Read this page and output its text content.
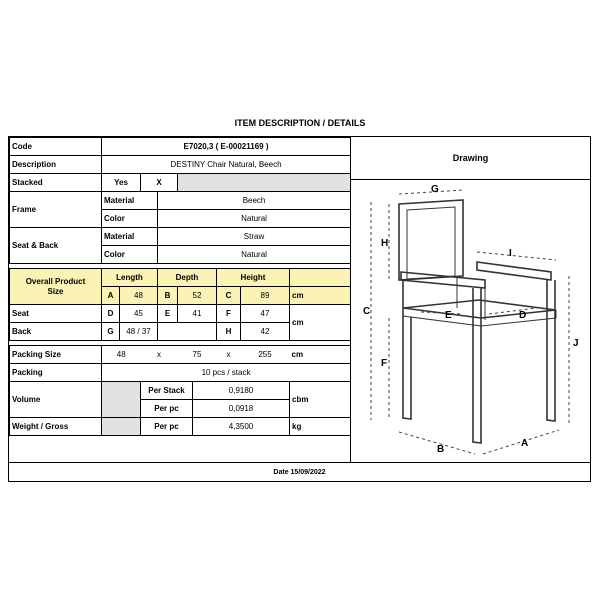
ITEM DESCRIPTION / DETAILS
Code	E7020,3 ( E-00021169 )								
Description	DESTINY Chair Natural, Beech								
Stacked	Yes		X						
Frame	Material			Beech					
	Color			Natural					
Seat & Back	Material			Straw					
	Color			Natural					

Overall Product
Size	Length			Depth			Height		
	A	48		B	52		C	89	cm
Seat	D	45		E	41		F	47	cm
Back	G	48 / 37					H	42	

Packing Size	48		x		75		x	255	cm
Packing	10 pcs / stack								
Volume			Per Stack			0,9180			cbm
			Per pc			0,0918			
Weight / Gross			Per pc			4,3500			kg
Drawing
G
H
C
F
I
J
E	D
B
A
Date 15/09/2022
